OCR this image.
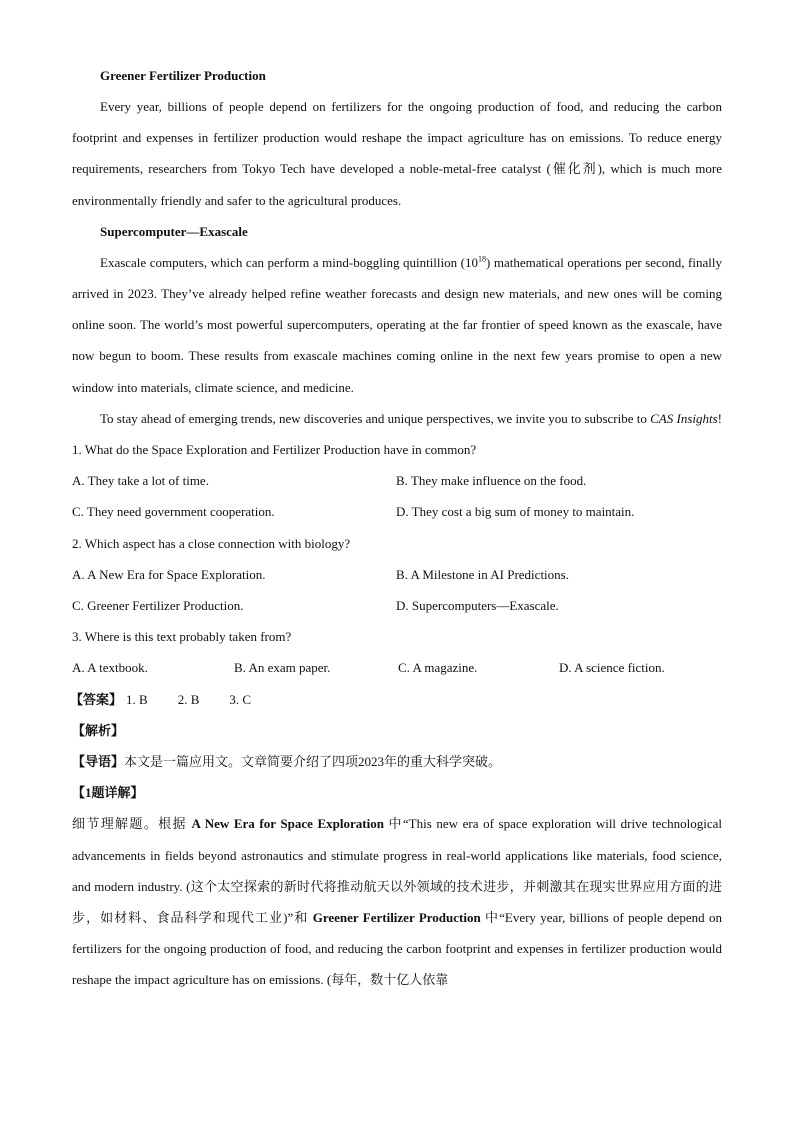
Greener Fertilizer Production

Every year, billions of people depend on fertilizers for the ongoing production of food, and reducing the carbon footprint and expenses in fertilizer production would reshape the impact agriculture has on emissions. To reduce energy requirements, researchers from Tokyo Tech have developed a noble-metal-free catalyst (催化剂), which is much more environmentally friendly and safer to the agricultural produces.

Supercomputer—Exascale

Exascale computers, which can perform a mind-boggling quintillion $(10^{18})$ mathematical operations per second, finally arrived in 2023. They’ve already helped refine weather forecasts and design new materials, and new ones will be coming online soon. The world’s most powerful supercomputers, operating at the far frontier of speed known as the exascale, have now begun to boom. These results from exascale machines coming online in the next few years promise to open a new window into materials, climate science, and medicine.

To stay ahead of emerging trends, new discoveries and unique perspectives, we invite you to subscribe to CAS Insights!

1. What do the Space Exploration and Fertilizer Production have in common?

A. They take a lot of time.	B. They make influence on the food.
C. They need government cooperation.	D. They cost a big sum of money to maintain.

2. Which aspect has a close connection with biology?

A. A New Era for Space Exploration.	B. A Milestone in AI Predictions.
C. Greener Fertilizer Production.	D. Supercomputers—Exascale.

3. Where is this text probably taken from?

A. A textbook.	B. An exam paper.	C. A magazine.	D. A science fiction.
【答案】 1. B 2. B 3. C

【解析】

【导语】本文是一篇应用文。文章简要介绍了四项2023年的重大科学突破。

【1题详解】

细节理解题。根据 A New Era for Space Exploration 中“This new era of space exploration will drive technological advancements in fields beyond astronautics and stimulate progress in real-world applications like materials, food science, and modern industry. (这个太空探索的新时代将推动航天以外领域的技术进步，并刺激其在现实世界应用方面的进步，如材料、食品科学和现代工业)”和 Greener Fertilizer Production 中“Every year, billions of people depend on fertilizers for the ongoing production of food, and reducing the carbon footprint and expenses in fertilizer production would reshape the impact agriculture has on emissions. (每年，数十亿人依靠
